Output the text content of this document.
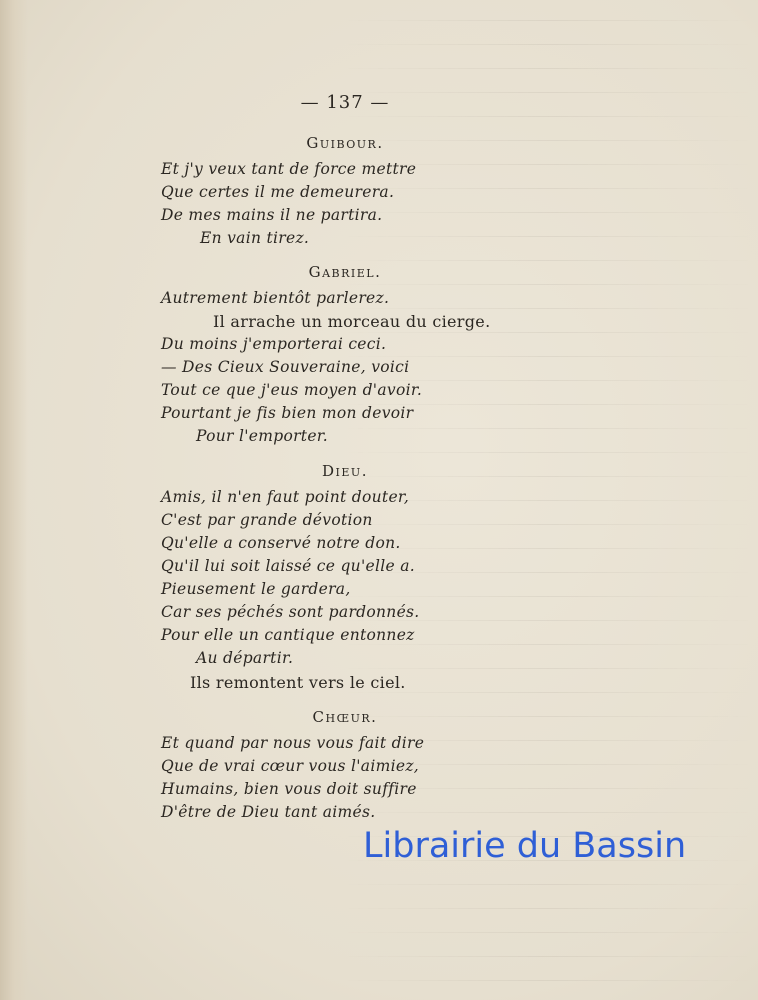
— 137 —
Guibour.
Et j'y veux tant de force mettre
Que certes il me demeurera.
De mes mains il ne partira.
En vain tirez.
Gabriel.
Autrement bientôt parlerez.
Il arrache un morceau du cierge.
Du moins j'emporterai ceci.
— Des Cieux Souveraine, voici
Tout ce que j'eus moyen d'avoir.
Pourtant je fis bien mon devoir
Pour l'emporter.
Dieu.
Amis, il n'en faut point douter,
C'est par grande dévotion
Qu'elle a conservé notre don.
Qu'il lui soit laissé ce qu'elle a.
Pieusement le gardera,
Car ses péchés sont pardonnés.
Pour elle un cantique entonnez
Au départir.
Ils remontent vers le ciel.
Chœur.
Et quand par nous vous fait dire
Que de vrai cœur vous l'aimiez,
Humains, bien vous doit suffire
D'être de Dieu tant aimés.
Librairie du Bassin
